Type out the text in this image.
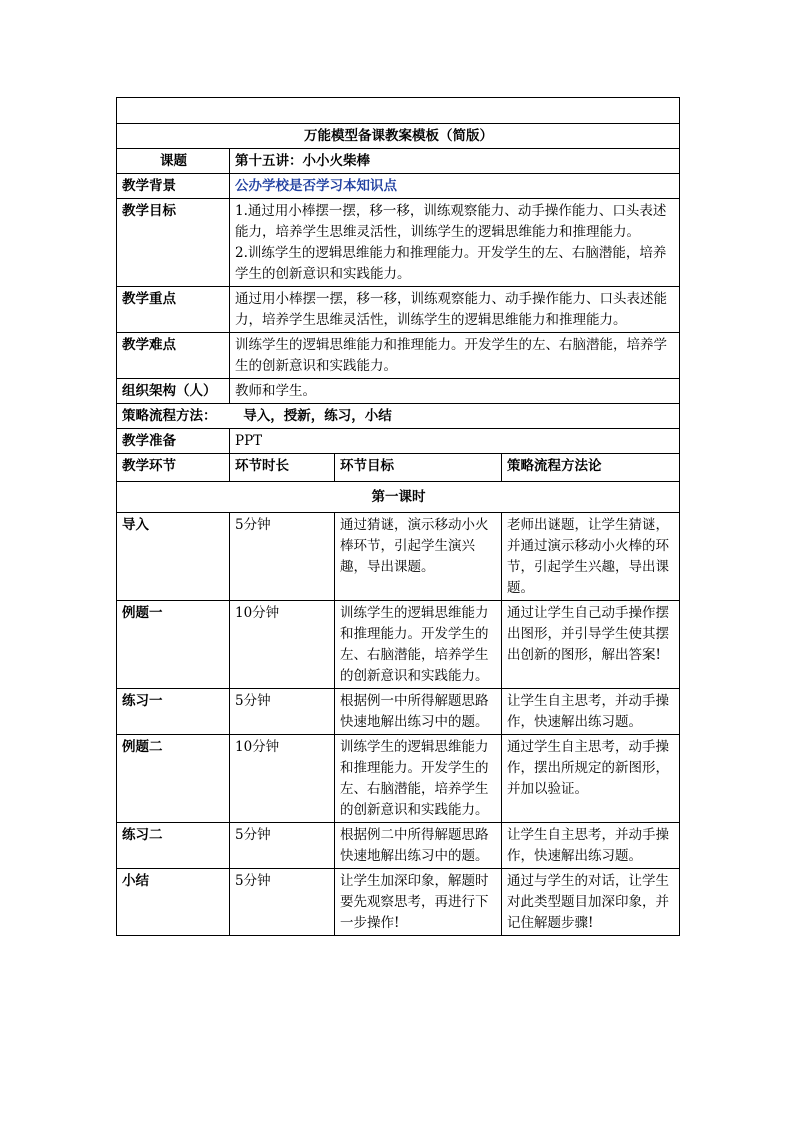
万能模型备课教案模板（简版）			
课题	第十五讲：小小火柴棒		
教学背景	公办学校是否学习本知识点		
教学目标	1.通过用小棒摆一摆，移一移，训练观察能力、动手操作能力、口头表述能力，培养学生思维灵活性，训练学生的逻辑思维能力和推理能力。
2.训练学生的逻辑思维能力和推理能力。开发学生的左、右脑潜能，培养学生的创新意识和实践能力。		

教学重点	通过用小棒摆一摆，移一移，训练观察能力、动手操作能力、口头表述能力，培养学生思维灵活性，训练学生的逻辑思维能力和推理能力。		
教学难点	训练学生的逻辑思维能力和推理能力。开发学生的左、右脑潜能，培养学生的创新意识和实践能力。		
组织架构（人）	教师和学生。		
策略流程方法： 导入，授新，练习，小结			
教学准备	PPT		
教学环节	环节时长	环节目标	策略流程方法论
第一课时			
导入	5分钟	通过猜谜，演示移动小火棒环节，引起学生演兴趣，导出课题。	老师出谜题，让学生猜谜，并通过演示移动小火棒的环节，引起学生兴趣，导出课题。
例题一	10分钟	训练学生的逻辑思维能力和推理能力。开发学生的左、右脑潜能，培养学生的创新意识和实践能力。	通过让学生自己动手操作摆出图形，并引导学生使其摆出创新的图形，解出答案!
练习一	5分钟	根据例一中所得解题思路快速地解出练习中的题。	让学生自主思考，并动手操作，快速解出练习题。
例题二	10分钟	训练学生的逻辑思维能力和推理能力。开发学生的左、右脑潜能，培养学生的创新意识和实践能力。	通过学生自主思考，动手操作，摆出所规定的新图形，并加以验证。
练习二	5分钟	根据例二中所得解题思路快速地解出练习中的题。	让学生自主思考，并动手操作，快速解出练习题。
小结	5分钟	让学生加深印象，解题时要先观察思考，再进行下一步操作!	通过与学生的对话，让学生对此类型题目加深印象，并记住解题步骤!
